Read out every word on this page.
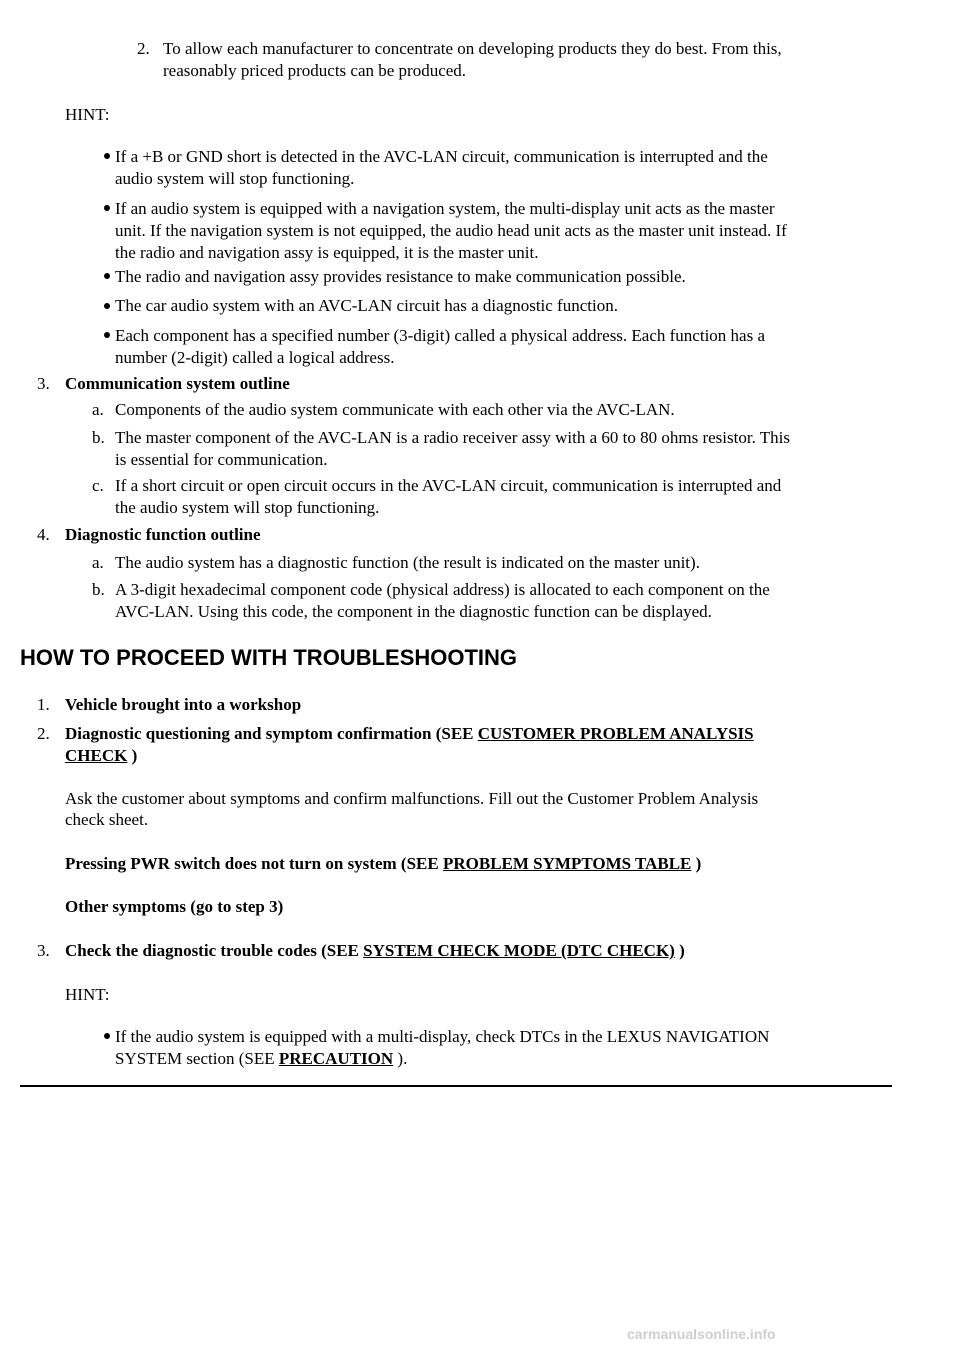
2. To allow each manufacturer to concentrate on developing products they do best. From this,
reasonably priced products can be produced.
HINT:
If a +B or GND short is detected in the AVC-LAN circuit, communication is interrupted and the
audio system will stop functioning.
If an audio system is equipped with a navigation system, the multi-display unit acts as the master
unit. If the navigation system is not equipped, the audio head unit acts as the master unit instead. If
the radio and navigation assy is equipped, it is the master unit.
The radio and navigation assy provides resistance to make communication possible.
The car audio system with an AVC-LAN circuit has a diagnostic function.
Each component has a specified number (3-digit) called a physical address. Each function has a
number (2-digit) called a logical address.
3. Communication system outline
a. Components of the audio system communicate with each other via the AVC-LAN.
b. The master component of the AVC-LAN is a radio receiver assy with a 60 to 80 ohms resistor. This
is essential for communication.
c. If a short circuit or open circuit occurs in the AVC-LAN circuit, communication is interrupted and
the audio system will stop functioning.
4. Diagnostic function outline
a. The audio system has a diagnostic function (the result is indicated on the master unit).
b. A 3-digit hexadecimal component code (physical address) is allocated to each component on the
AVC-LAN. Using this code, the component in the diagnostic function can be displayed.
HOW TO PROCEED WITH TROUBLESHOOTING
1. Vehicle brought into a workshop
2. Diagnostic questioning and symptom confirmation (SEE CUSTOMER PROBLEM ANALYSIS
CHECK )
Ask the customer about symptoms and confirm malfunctions. Fill out the Customer Problem Analysis
check sheet.
Pressing PWR switch does not turn on system (SEE PROBLEM SYMPTOMS TABLE )
Other symptoms (go to step 3)
3. Check the diagnostic trouble codes (SEE SYSTEM CHECK MODE (DTC CHECK) )
HINT:
If the audio system is equipped with a multi-display, check DTCs in the LEXUS NAVIGATION
SYSTEM section (SEE PRECAUTION ).
carmanualsonline.info
